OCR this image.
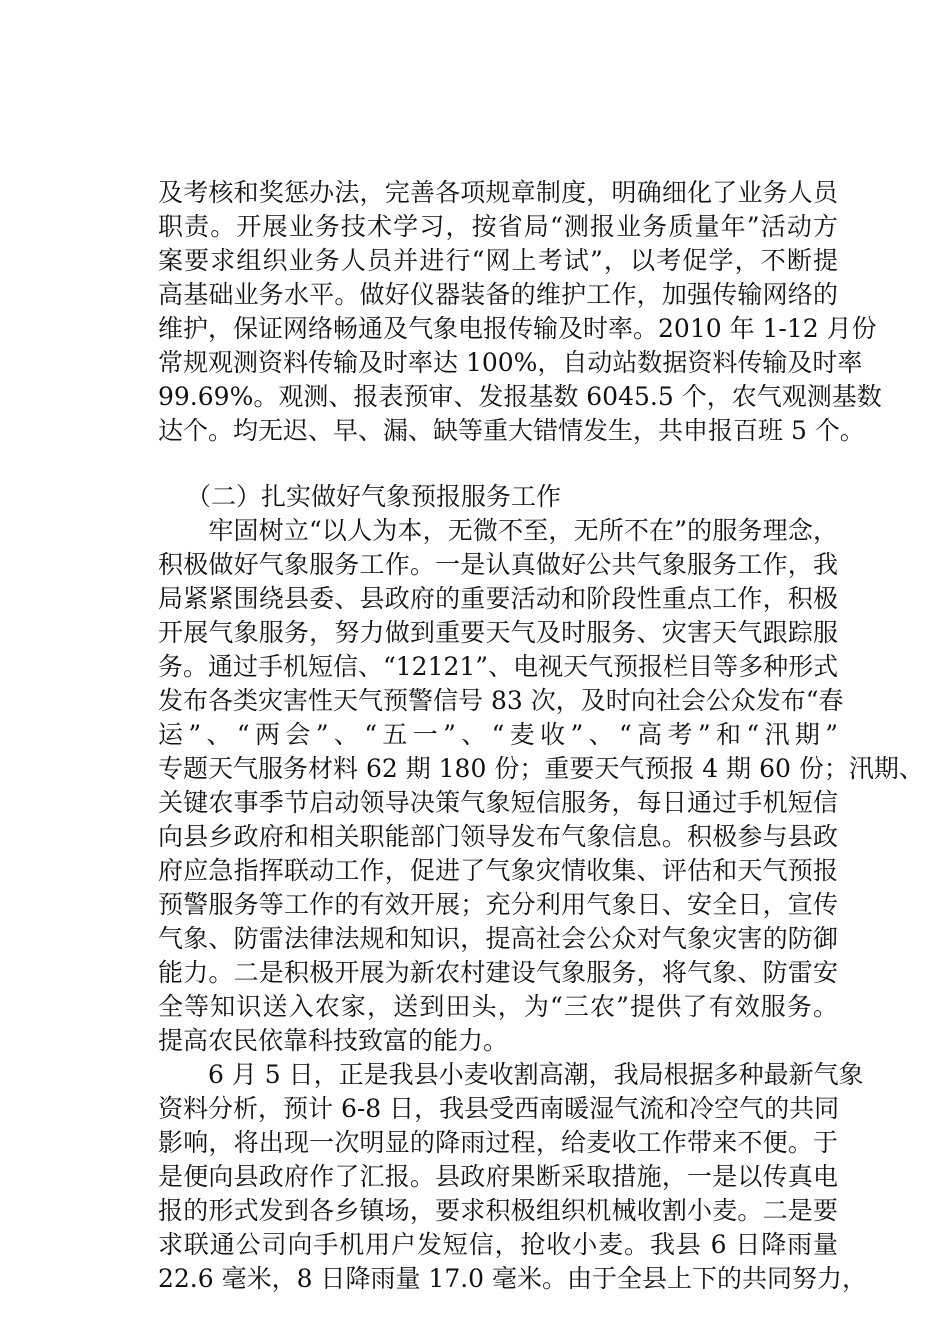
及考核和奖惩办法，完善各项规章制度，明确细化了业务人员
职责。开展业务技术学习，按省局“测报业务质量年”活动方
案要求组织业务人员并进行“网上考试”，以考促学，不断提
高基础业务水平。做好仪器装备的维护工作，加强传输网络的
维护，保证网络畅通及气象电报传输及时率。2010 年 1-12 月份
常规观测资料传输及时率达 100%，自动站数据资料传输及时率
99.69%。观测、报表预审、发报基数 6045.5 个，农气观测基数
达个。均无迟、早、漏、缺等重大错情发生，共申报百班 5 个。
（二）扎实做好气象预报服务工作
　　牢固树立“以人为本，无微不至，无所不在”的服务理念，
积极做好气象服务工作。一是认真做好公共气象服务工作，我
局紧紧围绕县委、县政府的重要活动和阶段性重点工作，积极
开展气象服务，努力做到重要天气及时服务、灾害天气跟踪服
务。通过手机短信、“12121”、电视天气预报栏目等多种形式
发布各类灾害性天气预警信号 83 次，及时向社会公众发布“春
运”、“两会”、“五一”、“麦收”、“高考”和“汛期”
专题天气服务材料 62 期 180 份；重要天气预报 4 期 60 份；汛期、
关键农事季节启动领导决策气象短信服务，每日通过手机短信
向县乡政府和相关职能部门领导发布气象信息。积极参与县政
府应急指挥联动工作，促进了气象灾情收集、评估和天气预报
预警服务等工作的有效开展；充分利用气象日、安全日，宣传
气象、防雷法律法规和知识，提高社会公众对气象灾害的防御
能力。二是积极开展为新农村建设气象服务，将气象、防雷安
全等知识送入农家，送到田头，为“三农”提供了有效服务。
提高农民依靠科技致富的能力。
　　6 月 5 日，正是我县小麦收割高潮，我局根据多种最新气象
资料分析，预计 6-8 日，我县受西南暖湿气流和冷空气的共同
影响，将出现一次明显的降雨过程，给麦收工作带来不便。于
是便向县政府作了汇报。县政府果断采取措施，一是以传真电
报的形式发到各乡镇场，要求积极组织机械收割小麦。二是要
求联通公司向手机用户发短信，抢收小麦。我县 6 日降雨量
22.6 毫米，8 日降雨量 17.0 毫米。由于全县上下的共同努力，
